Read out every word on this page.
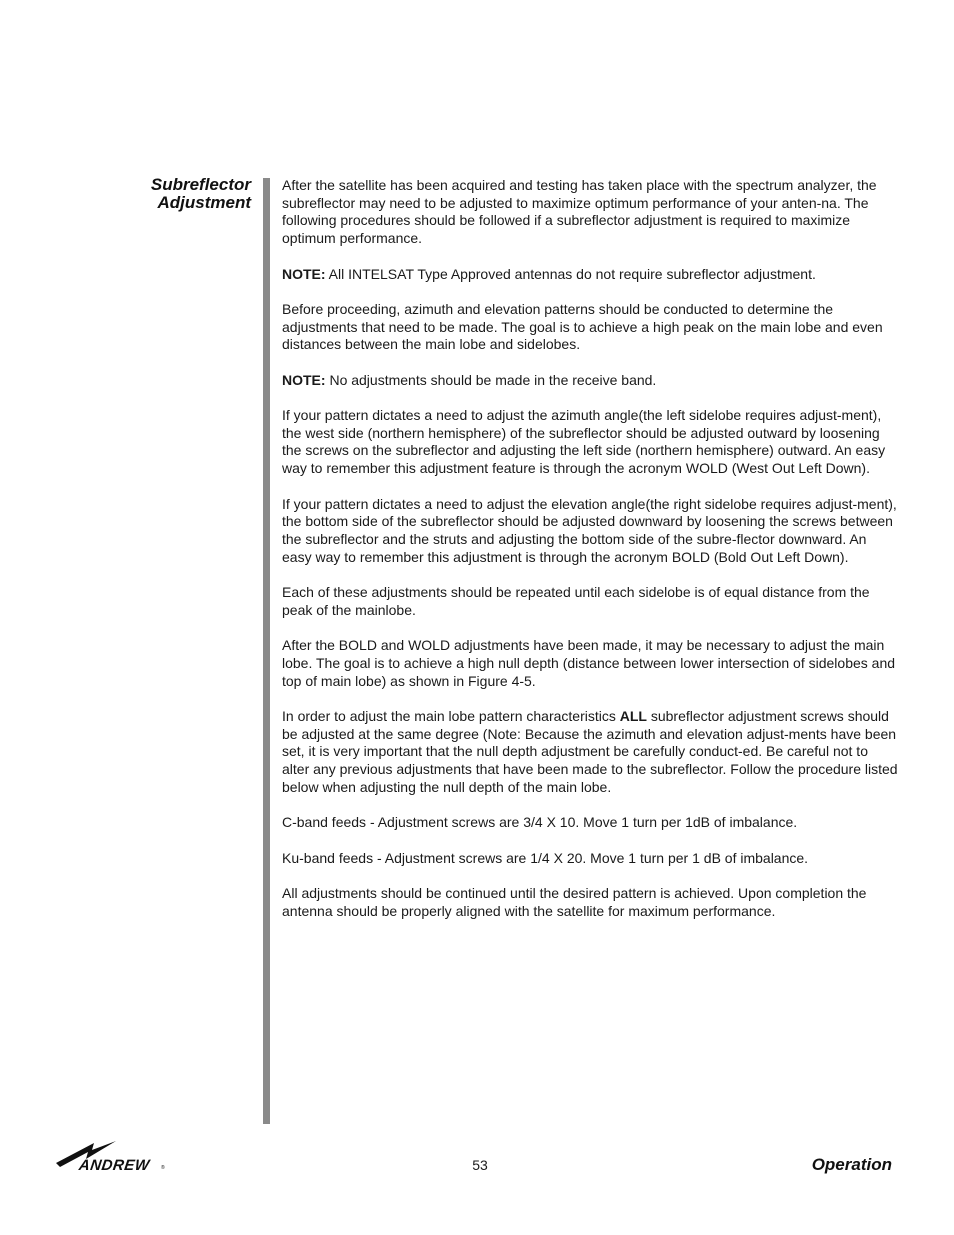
Subreflector
Adjustment

After the satellite has been acquired and testing has taken place with the spectrum analyzer, the subreflector may need to be adjusted to maximize optimum performance of your anten-na. The following procedures should be followed if a subreflector adjustment is required to maximize optimum performance.

NOTE: All INTELSAT Type Approved antennas do not require subreflector adjustment.

Before proceeding, azimuth and elevation patterns should be conducted to determine the adjustments that need to be made. The goal is to achieve a high peak on the main lobe and even distances between the main lobe and sidelobes.

NOTE: No adjustments should be made in the receive band.

If your pattern dictates a need to adjust the azimuth angle(the left sidelobe requires adjust-ment), the west side (northern hemisphere) of the subreflector should be adjusted outward by loosening the screws on the subreflector and adjusting the left side (northern hemisphere) outward. An easy way to remember this adjustment feature is through the acronym WOLD (West Out Left Down).

If your pattern dictates a need to adjust the elevation angle(the right sidelobe requires adjust-ment), the bottom side of the subreflector should be adjusted downward by loosening the screws between the subreflector and the struts and adjusting the bottom side of the subre-flector downward. An easy way to remember this adjustment is through the acronym BOLD (Bold Out Left Down).

Each of these adjustments should be repeated until each sidelobe is of equal distance from the peak of the mainlobe.

After the BOLD and WOLD adjustments have been made, it may be necessary to adjust the main lobe. The goal is to achieve a high null depth (distance between lower intersection of sidelobes and top of main lobe) as shown in Figure 4-5.

In order to adjust the main lobe pattern characteristics ALL subreflector adjustment screws should be adjusted at the same degree (Note: Because the azimuth and elevation adjust-ments have been set, it is very important that the null depth adjustment be carefully conduct-ed. Be careful not to alter any previous adjustments that have been made to the subreflector. Follow the procedure listed below when adjusting the null depth of the main lobe.

C-band feeds - Adjustment screws are 3/4 X 10. Move 1 turn per 1dB of imbalance.

Ku-band feeds - Adjustment screws are 1/4 X 20. Move 1 turn per 1 dB of imbalance.

All adjustments should be continued until the desired pattern is achieved. Upon completion the antenna should be properly aligned with the satellite for maximum performance.

ANDREW ®	53	Operation
